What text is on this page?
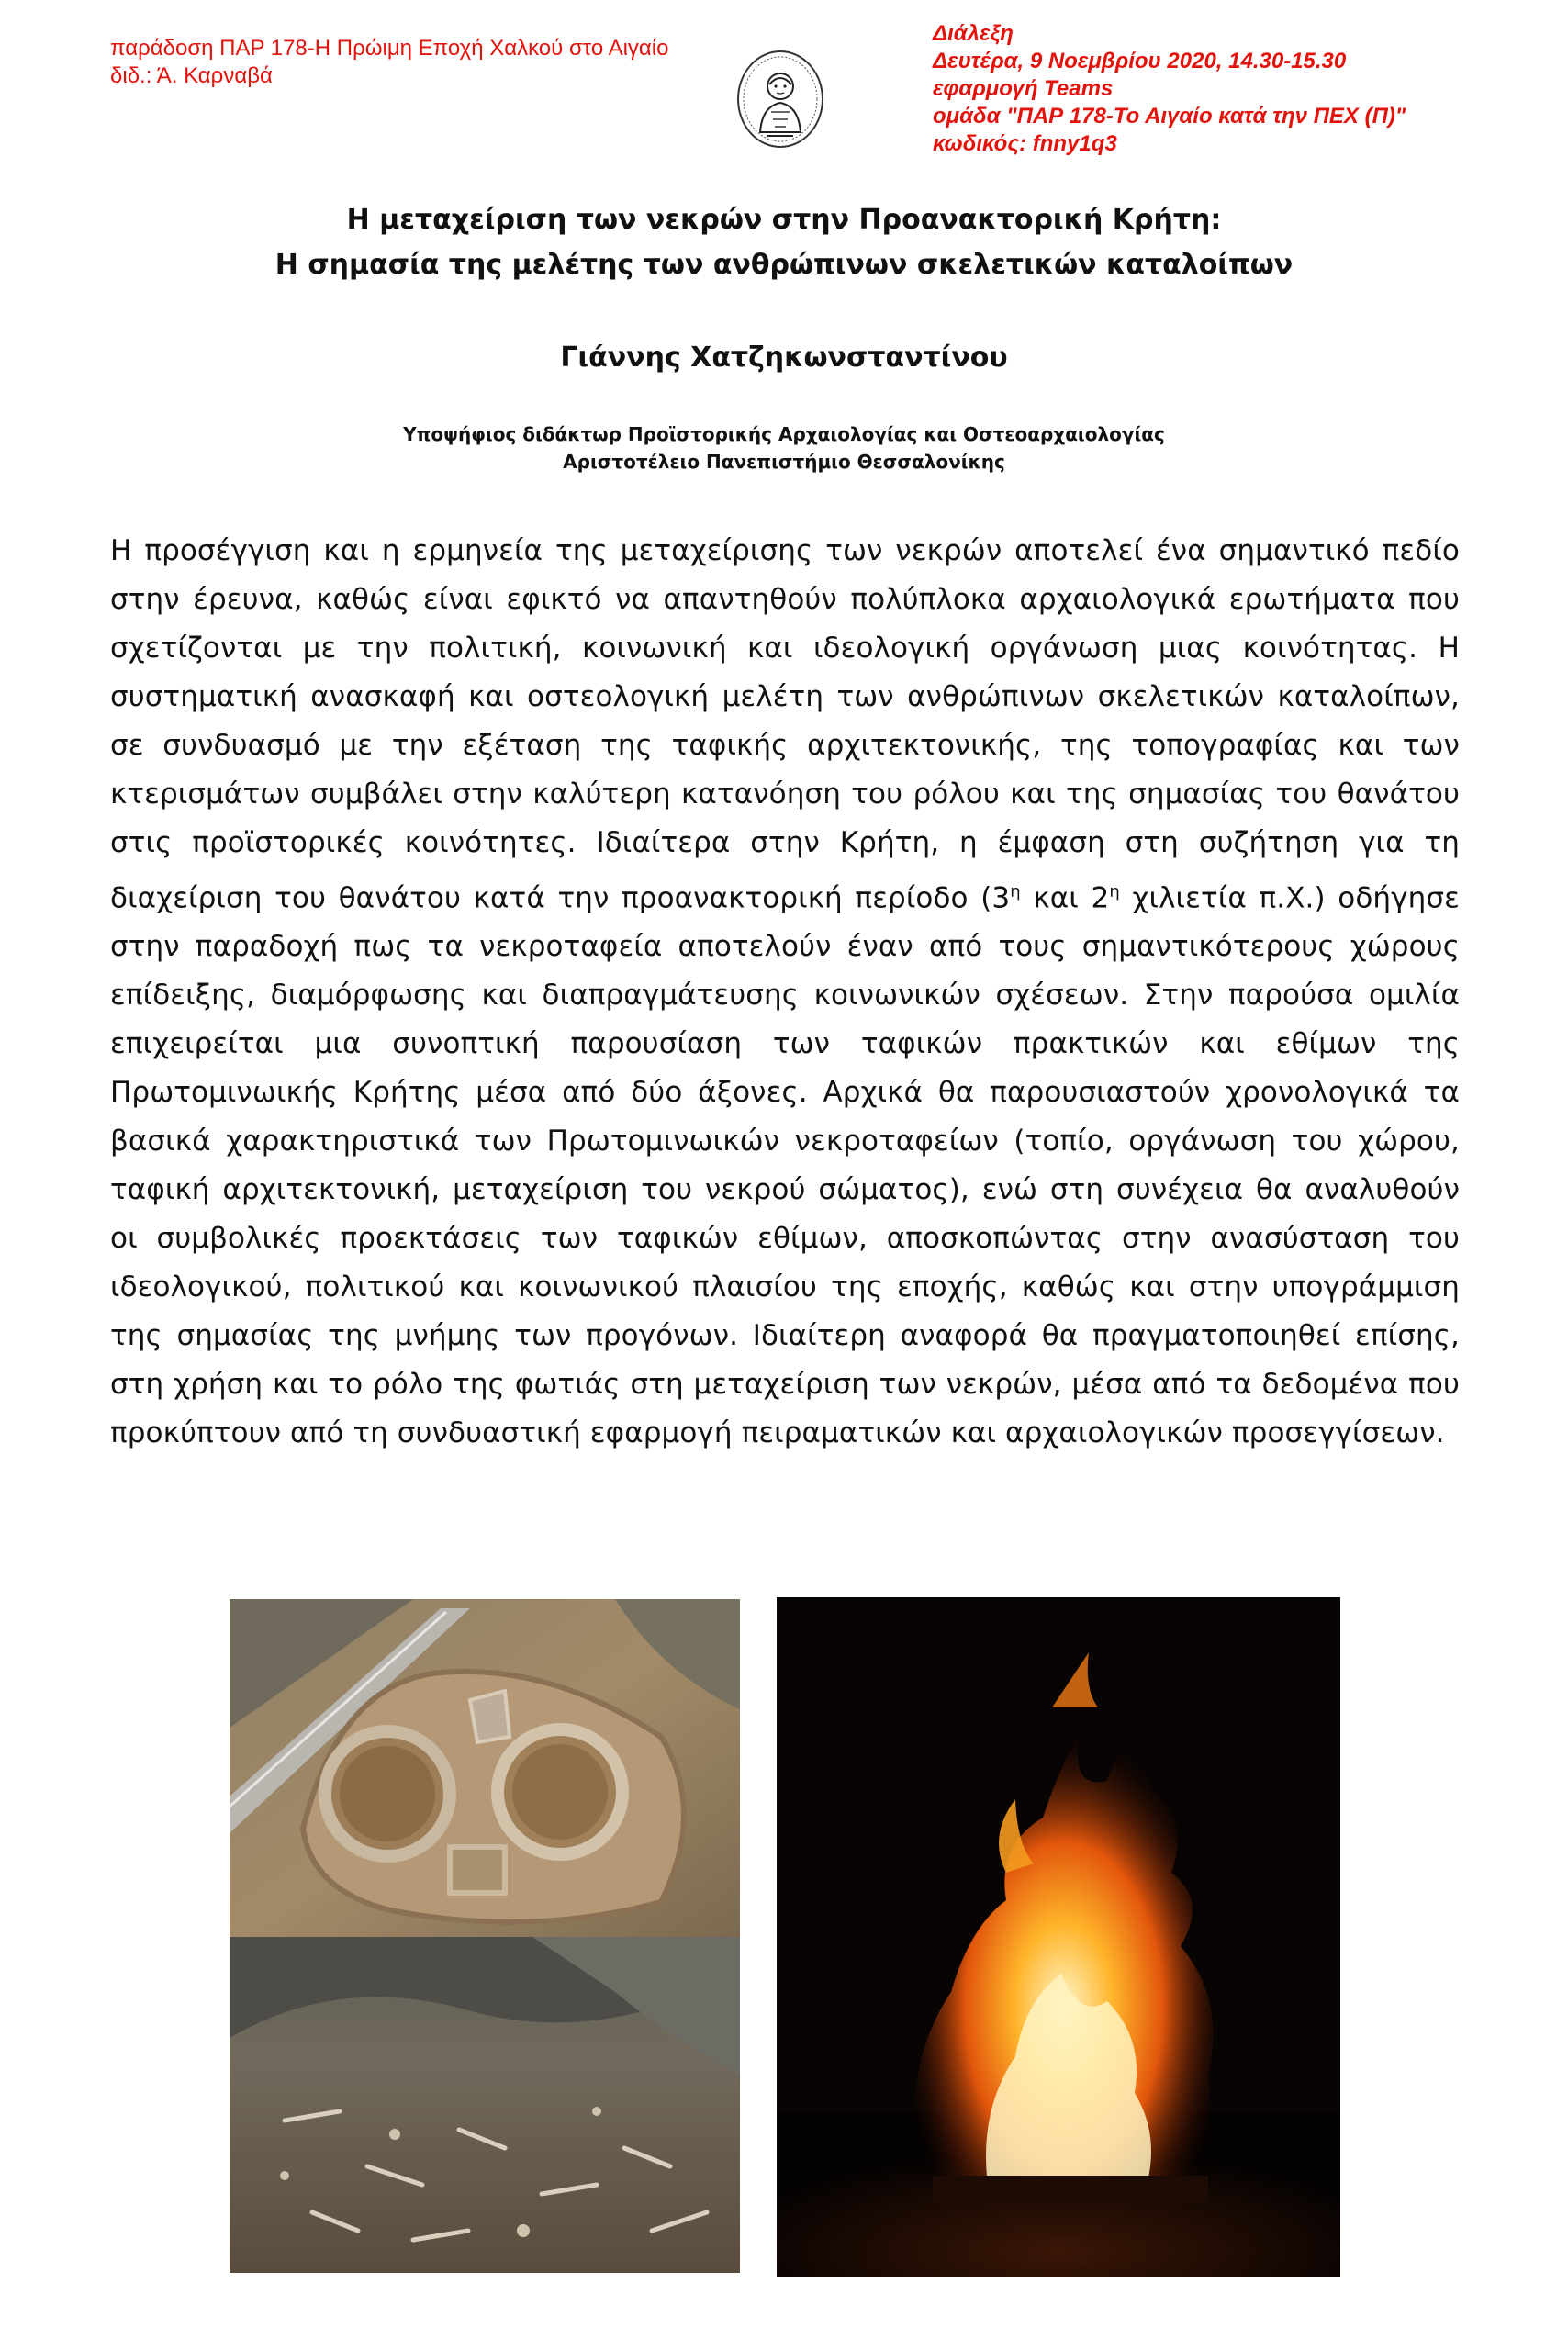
παράδοση ΠΑΡ 178-Η Πρώιμη Εποχή Χαλκού στο Αιγαίο
διδ.: Ά. Καρναβά
Διάλεξη
Δευτέρα, 9 Νοεμβρίου 2020, 14.30-15.30
εφαρμογή Teams
ομάδα "ΠΑΡ 178-Το Αιγαίο κατά την ΠΕΧ (Π)"
κωδικός: fnny1q3
Η μεταχείριση των νεκρών στην Προανακτορική Κρήτη:
Η σημασία της μελέτης των ανθρώπινων σκελετικών καταλοίπων
Γιάννης Χατζηκωνσταντίνου
Υποψήφιος διδάκτωρ Προϊστορικής Αρχαιολογίας και Οστεοαρχαιολογίας
Αριστοτέλειο Πανεπιστήμιο Θεσσαλονίκης
Η προσέγγιση και η ερμηνεία της μεταχείρισης των νεκρών αποτελεί ένα σημαντικό πεδίο στην έρευνα, καθώς είναι εφικτό να απαντηθούν πολύπλοκα αρχαιολογικά ερωτήματα που σχετίζονται με την πολιτική, κοινωνική και ιδεολογική οργάνωση μιας κοινότητας. Η συστηματική ανασκαφή και οστεολογική μελέτη των ανθρώπινων σκελετικών καταλοίπων, σε συνδυασμό με την εξέταση της ταφικής αρχιτεκτονικής, της τοπογραφίας και των κτερισμάτων συμβάλει στην καλύτερη κατανόηση του ρόλου και της σημασίας του θανάτου στις προϊστορικές κοινότητες. Ιδιαίτερα στην Κρήτη, η έμφαση στη συζήτηση για τη διαχείριση του θανάτου κατά την προανακτορική περίοδο ($3^\eta$ και $2^\eta$ χιλιετία π.Χ.) οδήγησε στην παραδοχή πως τα νεκροταφεία αποτελούν έναν από τους σημαντικότερους χώρους επίδειξης, διαμόρφωσης και διαπραγμάτευσης κοινωνικών σχέσεων. Στην παρούσα ομιλία επιχειρείται μια συνοπτική παρουσίαση των ταφικών πρακτικών και εθίμων της Πρωτομινωικής Κρήτης μέσα από δύο άξονες. Αρχικά θα παρουσιαστούν χρονολογικά τα βασικά χαρακτηριστικά των Πρωτομινωικών νεκροταφείων (τοπίο, οργάνωση του χώρου, ταφική αρχιτεκτονική, μεταχείριση του νεκρού σώματος), ενώ στη συνέχεια θα αναλυθούν οι συμβολικές προεκτάσεις των ταφικών εθίμων, αποσκοπώντας στην ανασύσταση του ιδεολογικού, πολιτικού και κοινωνικού πλαισίου της εποχής, καθώς και στην υπογράμμιση της σημασίας της μνήμης των προγόνων. Ιδιαίτερη αναφορά θα πραγματοποιηθεί επίσης, στη χρήση και το ρόλο της φωτιάς στη μεταχείριση των νεκρών, μέσα από τα δεδομένα που προκύπτουν από τη συνδυαστική εφαρμογή πειραματικών και αρχαιολογικών προσεγγίσεων.
